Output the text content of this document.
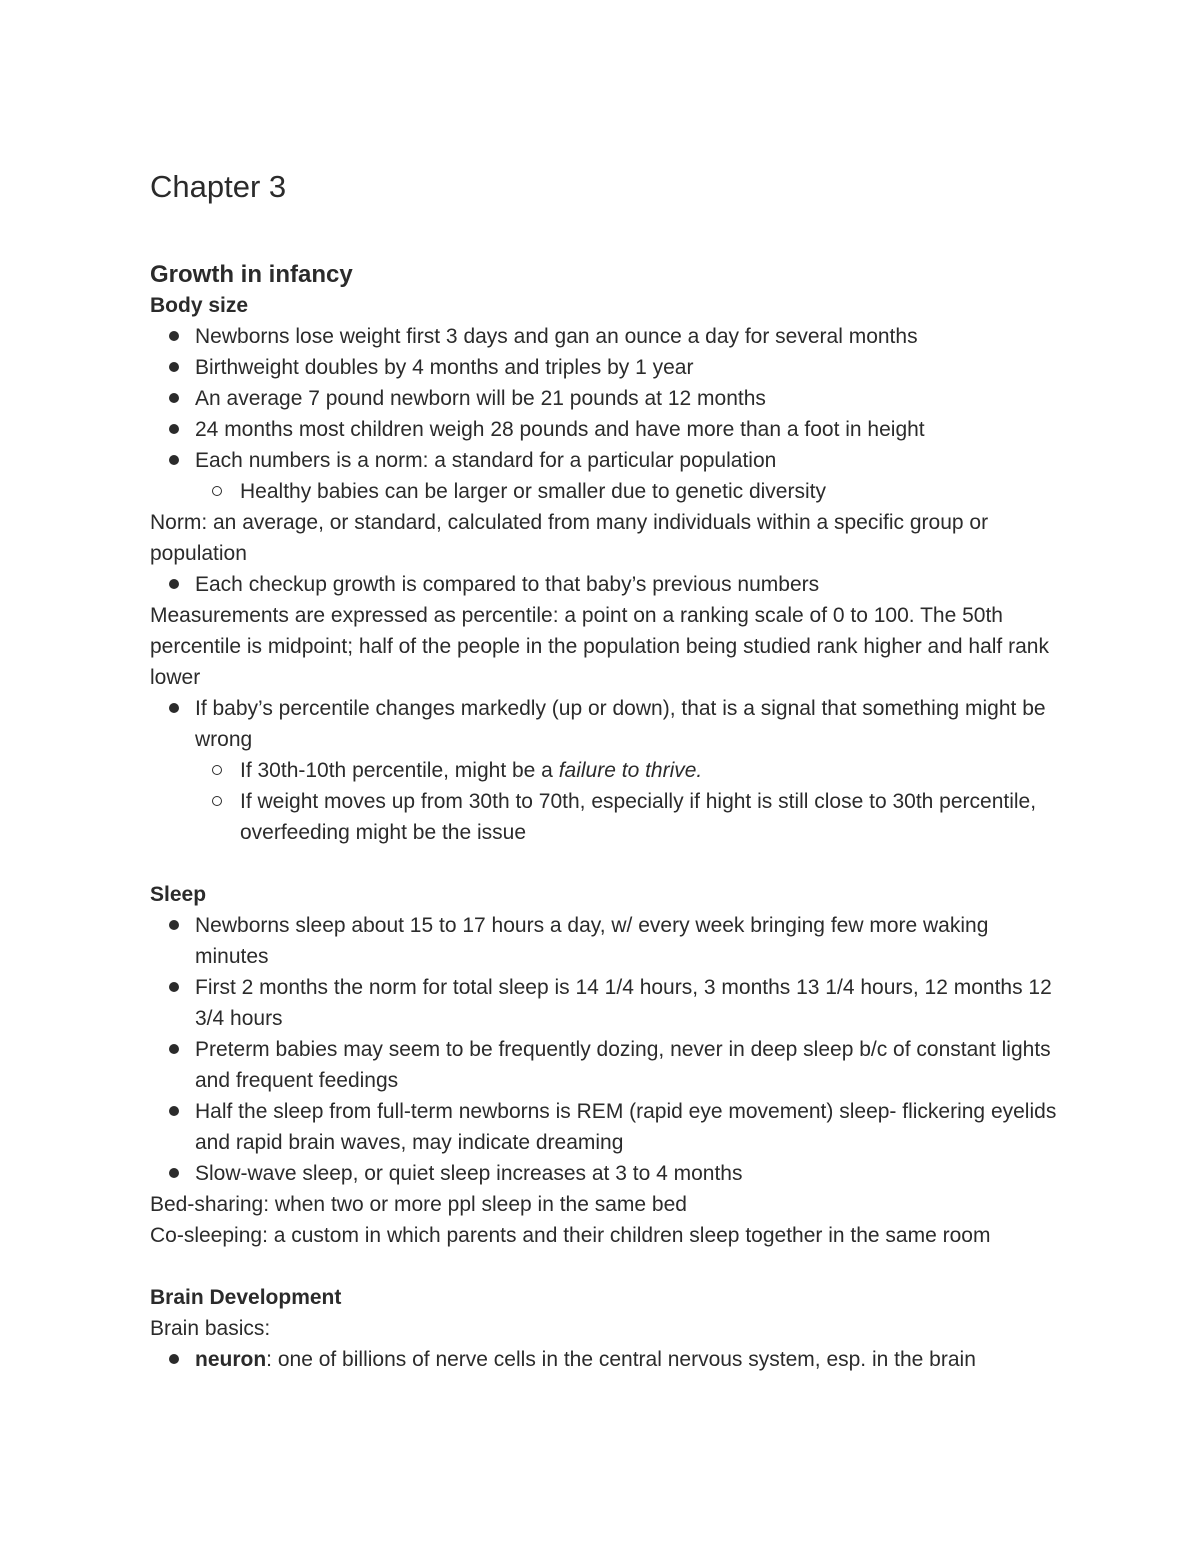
Chapter 3
Growth in infancy
Body size
Newborns lose weight first 3 days and gan an ounce a day for several months
Birthweight doubles by 4 months and triples by 1 year
An average 7 pound newborn will be 21 pounds at 12 months
24 months most children weigh 28 pounds and have more than a foot in height
Each numbers is a norm: a standard for a particular population
Healthy babies can be larger or smaller due to genetic diversity

Norm: an average, or standard, calculated from many individuals within a specific group or population

Each checkup growth is compared to that baby’s previous numbers

Measurements are expressed as percentile: a point on a ranking scale of 0 to 100. The 50th percentile is midpoint; half of the people in the population being studied rank higher and half rank lower

If baby’s percentile changes markedly (up or down), that is a signal that something might be wrong
If 30th-10th percentile, might be a failure to thrive.
If weight moves up from 30th to 70th, especially if hight is still close to 30th percentile, overfeeding might be the issue
Sleep
Newborns sleep about 15 to 17 hours a day, w/ every week bringing few more waking minutes
First 2 months the norm for total sleep is 14 1/4 hours, 3 months 13 1/4 hours, 12 months 12 3/4 hours
Preterm babies may seem to be frequently dozing, never in deep sleep b/c of constant lights and frequent feedings
Half the sleep from full-term newborns is REM (rapid eye movement) sleep- flickering eyelids and rapid brain waves, may indicate dreaming
Slow-wave sleep, or quiet sleep increases at 3 to 4 months

Bed-sharing: when two or more ppl sleep in the same bed

Co-sleeping: a custom in which parents and their children sleep together in the same room

Brain Development

Brain basics:

neuron: one of billions of nerve cells in the central nervous system, esp. in the brain
